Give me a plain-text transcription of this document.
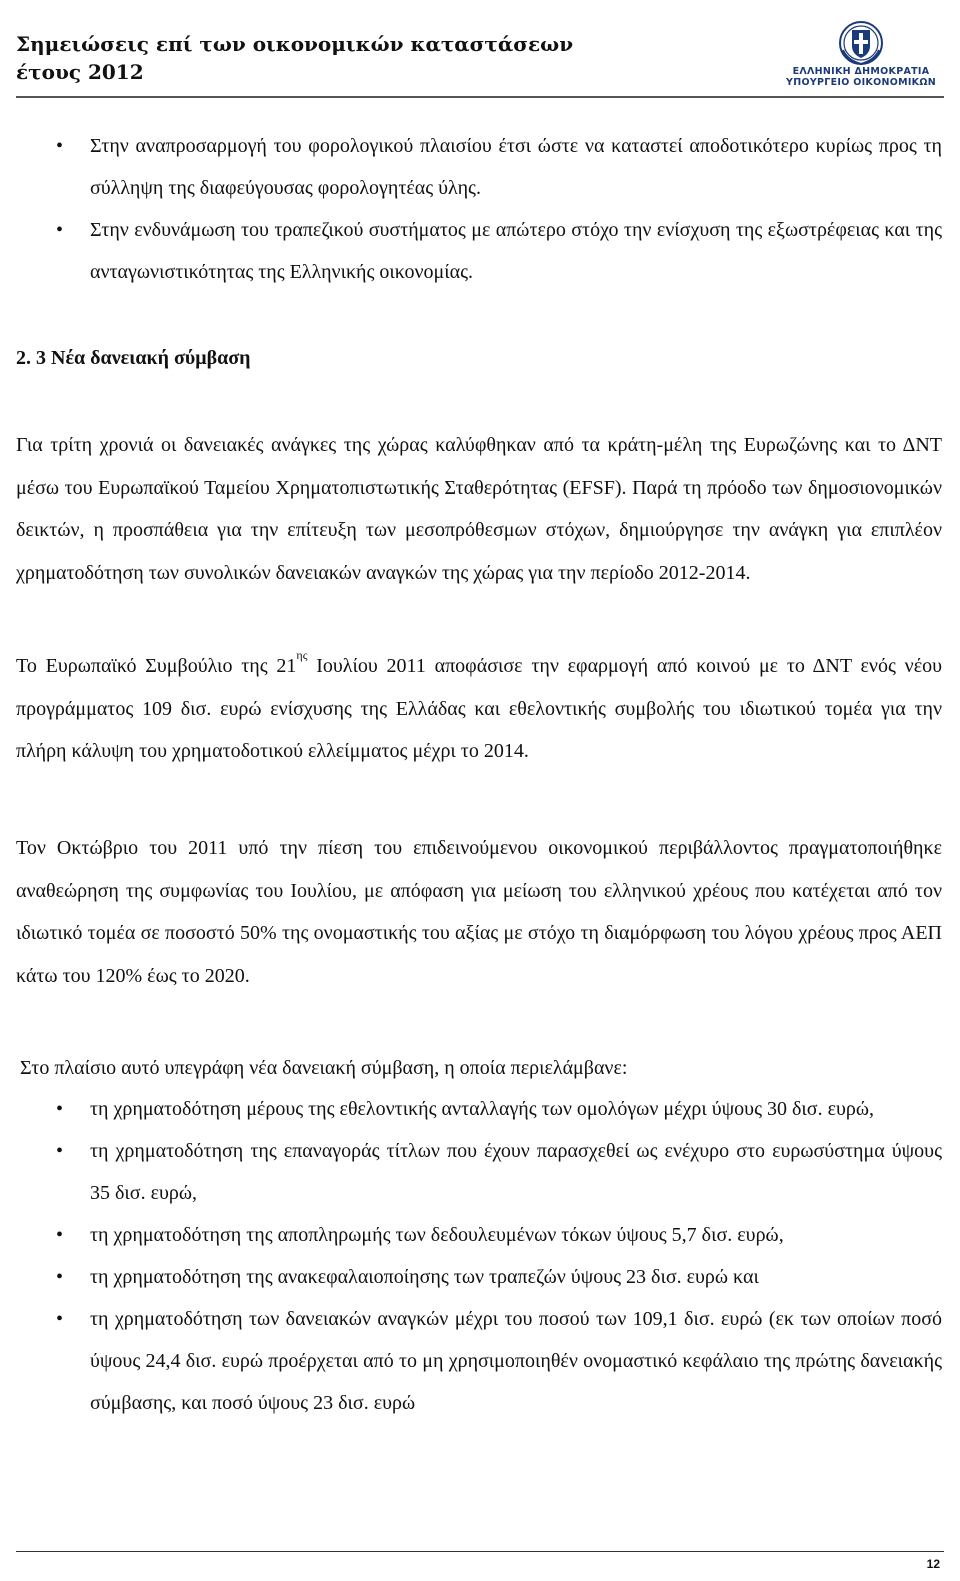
Σημειώσεις επί των οικονομικών καταστάσεων
έτους 2012	ΕΛΛΗΝΙΚΗ ΔΗΜΟΚΡΑΤΙΑ
ΥΠΟΥΡΓΕΙΟ ΟΙΚΟΝΟΜΙΚΩΝ
• Στην αναπροσαρμογή του φορολογικού πλαισίου έτσι ώστε να καταστεί αποδοτικότερο κυρίως προς τη σύλληψη της διαφεύγουσας φορολογητέας ύλης.
• Στην ενδυνάμωση του τραπεζικού συστήματος με απώτερο στόχο την ενίσχυση της εξωστρέφειας και της ανταγωνιστικότητας της Ελληνικής οικονομίας.
2. 3 Νέα δανειακή σύμβαση

Για τρίτη χρονιά οι δανειακές ανάγκες της χώρας καλύφθηκαν από τα κράτη-μέλη της Ευρωζώνης και το ΔΝΤ μέσω του Ευρωπαϊκού Ταμείου Χρηματοπιστωτικής Σταθερότητας (EFSF). Παρά τη πρόοδο των δημοσιονομικών δεικτών, η προσπάθεια για την επίτευξη των μεσοπρόθεσμων στόχων, δημιούργησε την ανάγκη για επιπλέον χρηματοδότηση των συνολικών δανειακών αναγκών της χώρας για την περίοδο 2012-2014.

Το Ευρωπαϊκό Συμβούλιο της $21^{\eta\varsigma}$ Ιουλίου 2011 αποφάσισε την εφαρμογή από κοινού με το ΔΝΤ ενός νέου προγράμματος 109 δισ. ευρώ ενίσχυσης της Ελλάδας και εθελοντικής συμβολής του ιδιωτικού τομέα για την πλήρη κάλυψη του χρηματοδοτικού ελλείμματος μέχρι το 2014.

Τον Οκτώβριο του 2011 υπό την πίεση του επιδεινούμενου οικονομικού περιβάλλοντος πραγματοποιήθηκε αναθεώρηση της συμφωνίας του Ιουλίου, με απόφαση για μείωση του ελληνικού χρέους που κατέχεται από τον ιδιωτικό τομέα σε ποσοστό 50% της ονομαστικής του αξίας με στόχο τη διαμόρφωση του λόγου χρέους προς ΑΕΠ κάτω του 120% έως το 2020.

Στο πλαίσιο αυτό υπεγράφη νέα δανειακή σύμβαση, η οποία περιελάμβανε:

• τη χρηματοδότηση μέρους της εθελοντικής ανταλλαγής των ομολόγων μέχρι ύψους 30 δισ. ευρώ,
• τη χρηματοδότηση της επαναγοράς τίτλων που έχουν παρασχεθεί ως ενέχυρο στο ευρωσύστημα ύψους 35 δισ. ευρώ,
• τη χρηματοδότηση της αποπληρωμής των δεδουλευμένων τόκων ύψους 5,7 δισ. ευρώ,
• τη χρηματοδότηση της ανακεφαλαιοποίησης των τραπεζών ύψους 23 δισ. ευρώ και
• τη χρηματοδότηση των δανειακών αναγκών μέχρι του ποσού των 109,1 δισ. ευρώ (εκ των οποίων ποσό ύψους 24,4 δισ. ευρώ προέρχεται από το μη χρησιμοποιηθέν ονομαστικό κεφάλαιο της πρώτης δανειακής σύμβασης, και ποσό ύψους 23 δισ. ευρώ
12
